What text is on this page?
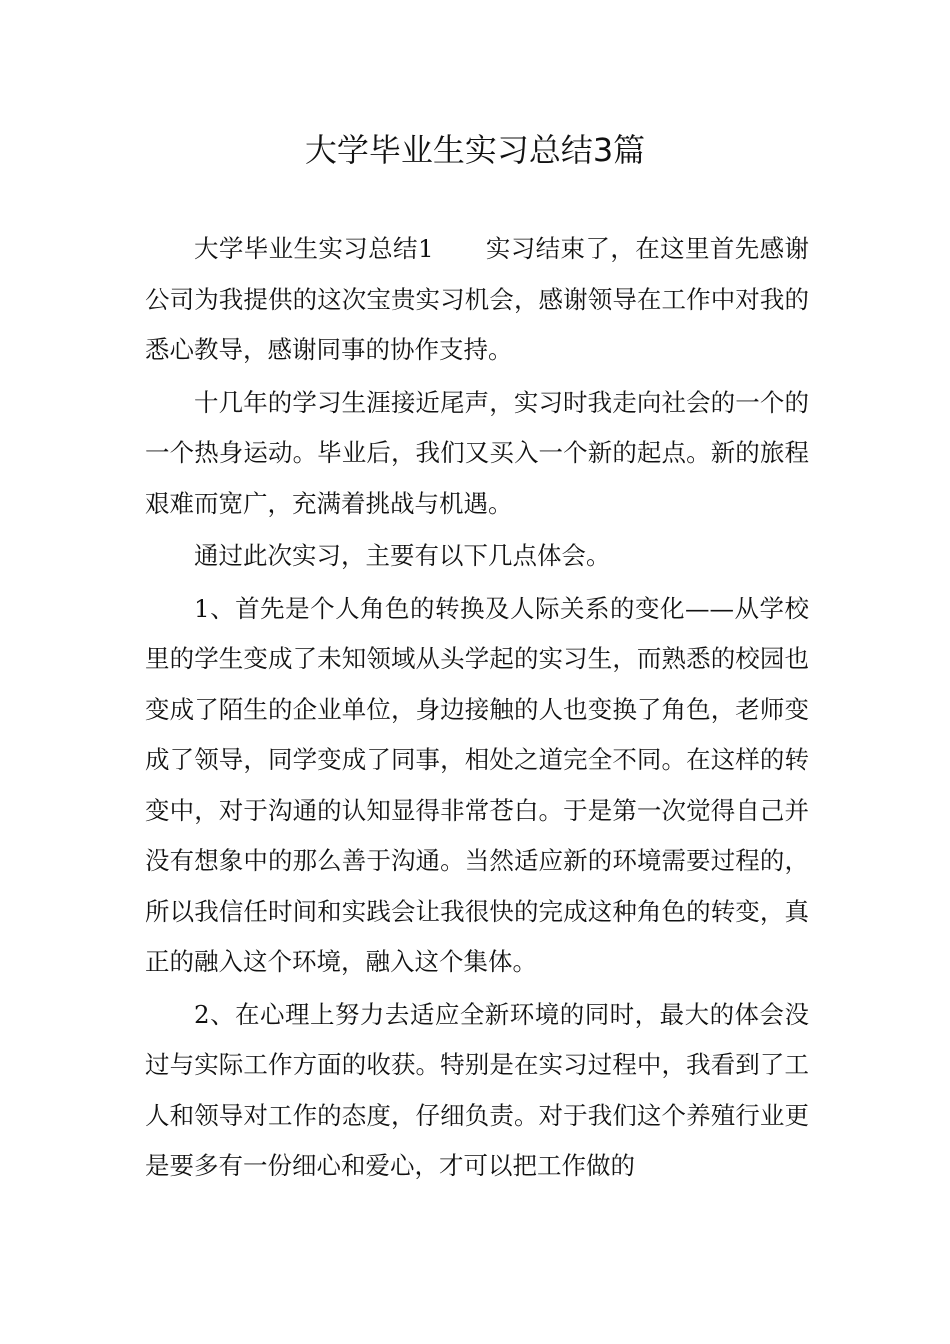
大学毕业生实习总结3篇

大学毕业生实习总结1 实习结束了，在这里首先感谢公司为我提供的这次宝贵实习机会，感谢领导在工作中对我的悉心教导，感谢同事的协作支持。

十几年的学习生涯接近尾声，实习时我走向社会的一个的一个热身运动。毕业后，我们又买入一个新的起点。新的旅程艰难而宽广，充满着挑战与机遇。

通过此次实习，主要有以下几点体会。

1、首先是个人角色的转换及人际关系的变化——从学校里的学生变成了未知领域从头学起的实习生，而熟悉的校园也变成了陌生的企业单位，身边接触的人也变换了角色，老师变成了领导，同学变成了同事，相处之道完全不同。在这样的转变中，对于沟通的认知显得非常苍白。于是第一次觉得自己并没有想象中的那么善于沟通。当然适应新的环境需要过程的，所以我信任时间和实践会让我很快的完成这种角色的转变，真正的融入这个环境，融入这个集体。

2、在心理上努力去适应全新环境的同时，最大的体会没过与实际工作方面的收获。特别是在实习过程中，我看到了工人和领导对工作的态度，仔细负责。对于我们这个养殖行业更是要多有一份细心和爱心，才可以把工作做的
